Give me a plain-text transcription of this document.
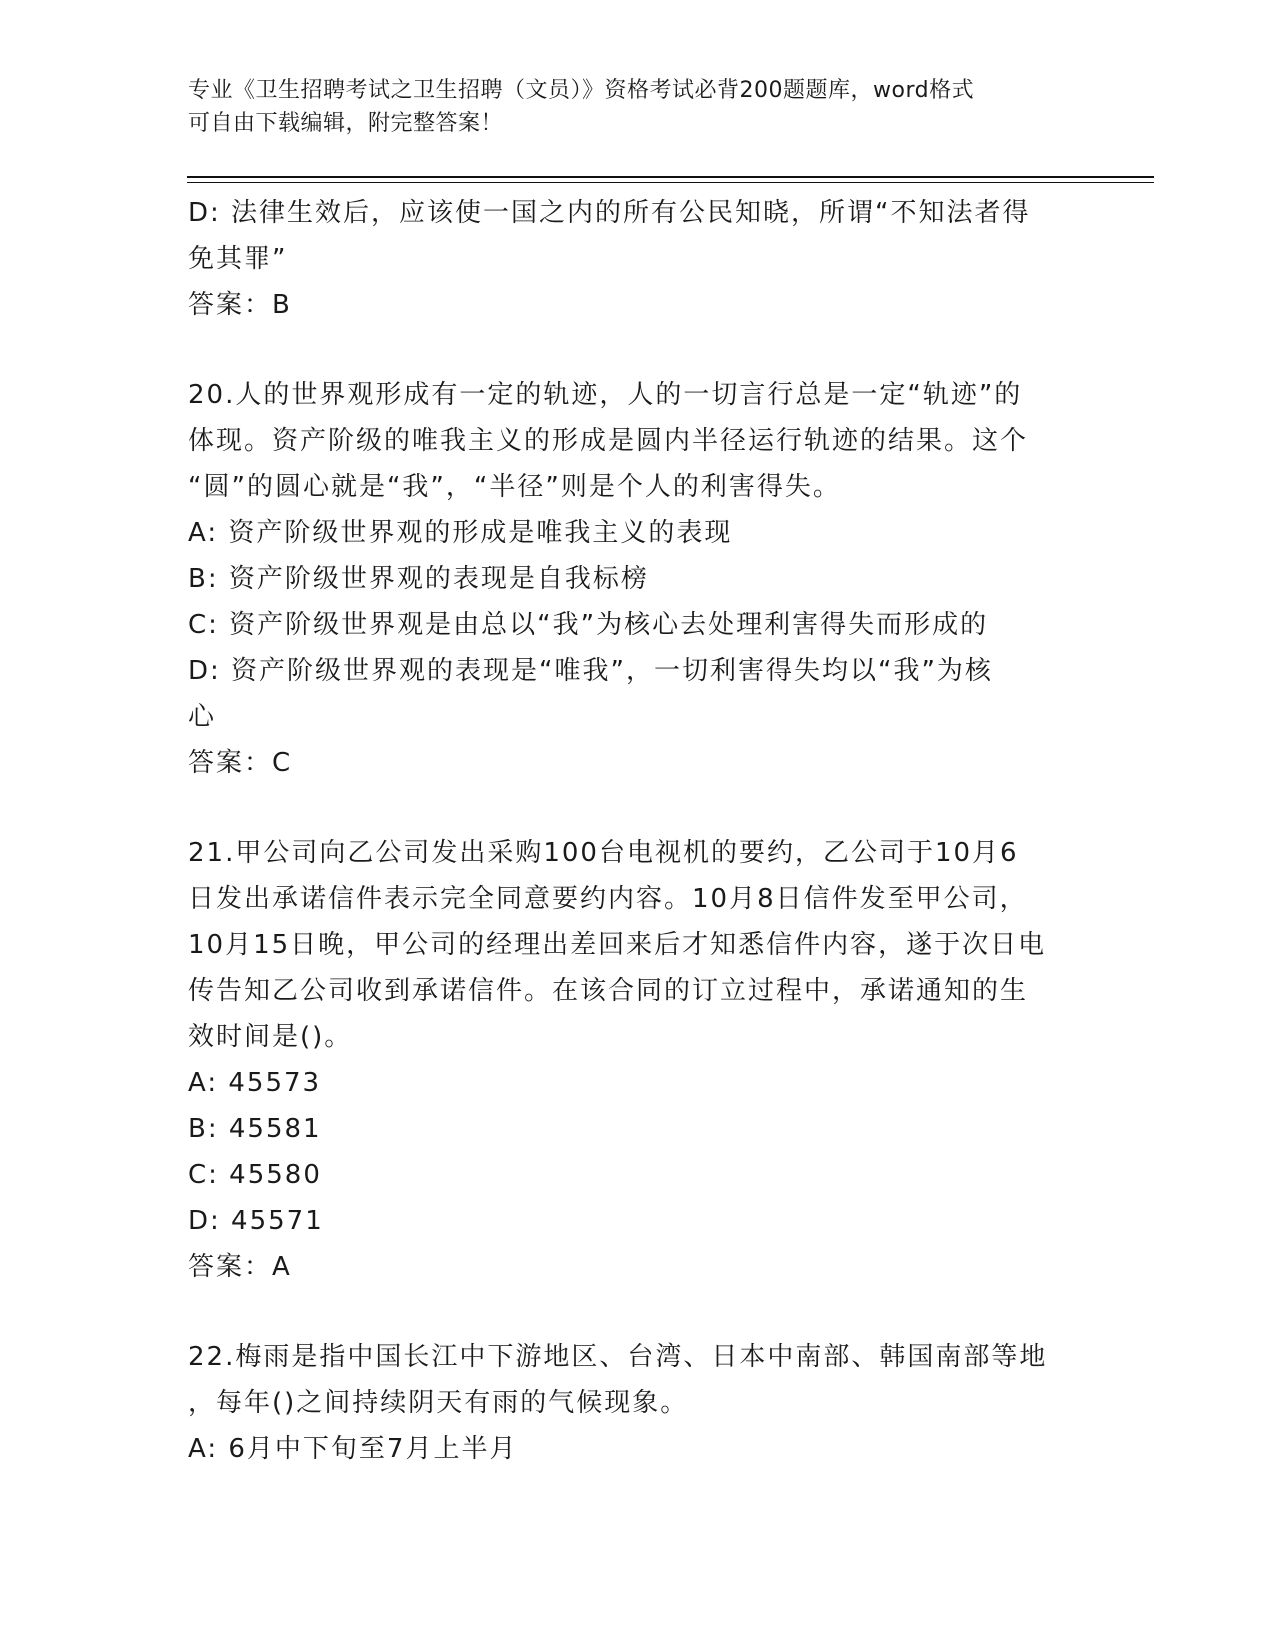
专业《卫生招聘考试之卫生招聘（文员）》资格考试必背200题题库，word格式
可自由下载编辑，附完整答案！
D: 法律生效后，应该使一国之内的所有公民知晓，所谓“不知法者得
免其罪”
答案：B
20.人的世界观形成有一定的轨迹，人的一切言行总是一定“轨迹”的
体现。资产阶级的唯我主义的形成是圆内半径运行轨迹的结果。这个
“圆”的圆心就是“我”，“半径”则是个人的利害得失。
A: 资产阶级世界观的形成是唯我主义的表现
B: 资产阶级世界观的表现是自我标榜
C: 资产阶级世界观是由总以“我”为核心去处理利害得失而形成的
D: 资产阶级世界观的表现是“唯我”，一切利害得失均以“我”为核
心
答案：C
21.甲公司向乙公司发出采购100台电视机的要约，乙公司于10月6
日发出承诺信件表示完全同意要约内容。10月8日信件发至甲公司，
10月15日晚，甲公司的经理出差回来后才知悉信件内容，遂于次日电
传告知乙公司收到承诺信件。在该合同的订立过程中，承诺通知的生
效时间是()。
A: 45573
B: 45581
C: 45580
D: 45571
答案：A
22.梅雨是指中国长江中下游地区、台湾、日本中南部、韩国南部等地
，每年()之间持续阴天有雨的气候现象。
A: 6月中下旬至7月上半月
